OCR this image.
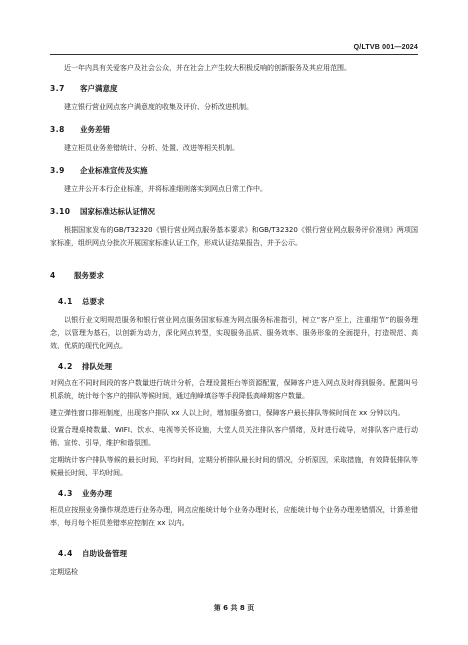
Q/LTVB 001—2024

近一年内具有关爱客户及社会公众，并在社会上产生较大积极反响的创新服务及其应用范围。

3.7	客户满意度

建立银行营业网点客户满意度的收集及评价、分析改进机制。

3.8	业务差错

建立柜员业务差错统计、分析、处置、改进等相关机制。

3.9	企业标准宣传及实施

建立并公开本行企业标准，并将标准细则落实到网点日常工作中。

3.10	国家标准达标认证情况

根据国家发布的GB/T32320《银行营业网点服务基本要求》和GB/T32320《银行营业网点服务评价准则》两项国家标准，组织网点分批次开展国家标准认证工作，形成认证结果报告，并予公示。

4	服务要求
4.1	总要求

以银行业文明规范服务和银行营业网点服务国家标准为网点服务标准指引，树立“客户至上，注重细节”的服务理念，以管理为基石，以创新为动力，深化网点转型，实现服务品质、服务效率、服务形象的全面提升，打造规范、高效、优质的现代化网点。

4.2	排队处理

对网点在不同时间段的客户数量进行统计分析，合理设置柜台等资源配置，保障客户进入网点及时得到服务。配置叫号机系统，统计每个客户的排队等候时间，通过削峰填谷等手段降低高峰期客户数量。

建立弹性窗口排班制度，出现客户排队 xx 人以上时，增加服务窗口，保障客户最长排队等候时间在 xx 分钟以内。

设置合理桌椅数量、WIFI、饮水、电视等关怀设施，大堂人员关注排队客户情绪，及时进行疏导，对排队客户进行动销、宣传、引导，维护和谐氛围。

定期统计客户排队等候的最长时间、平均时间，定期分析排队最长时间的情况，分析原因，采取措施，有效降低排队等候最长时间、平均时间。

4.3	业务办理

柜员应按照业务操作规范进行业务办理，网点应能统计每个业务办理时长，应能统计每个业务办理差错情况，计算差错率，每月每个柜员差错率应控制在 xx 以内。

4.4	自助设备管理

定期巡检

第 6 共 8 页
